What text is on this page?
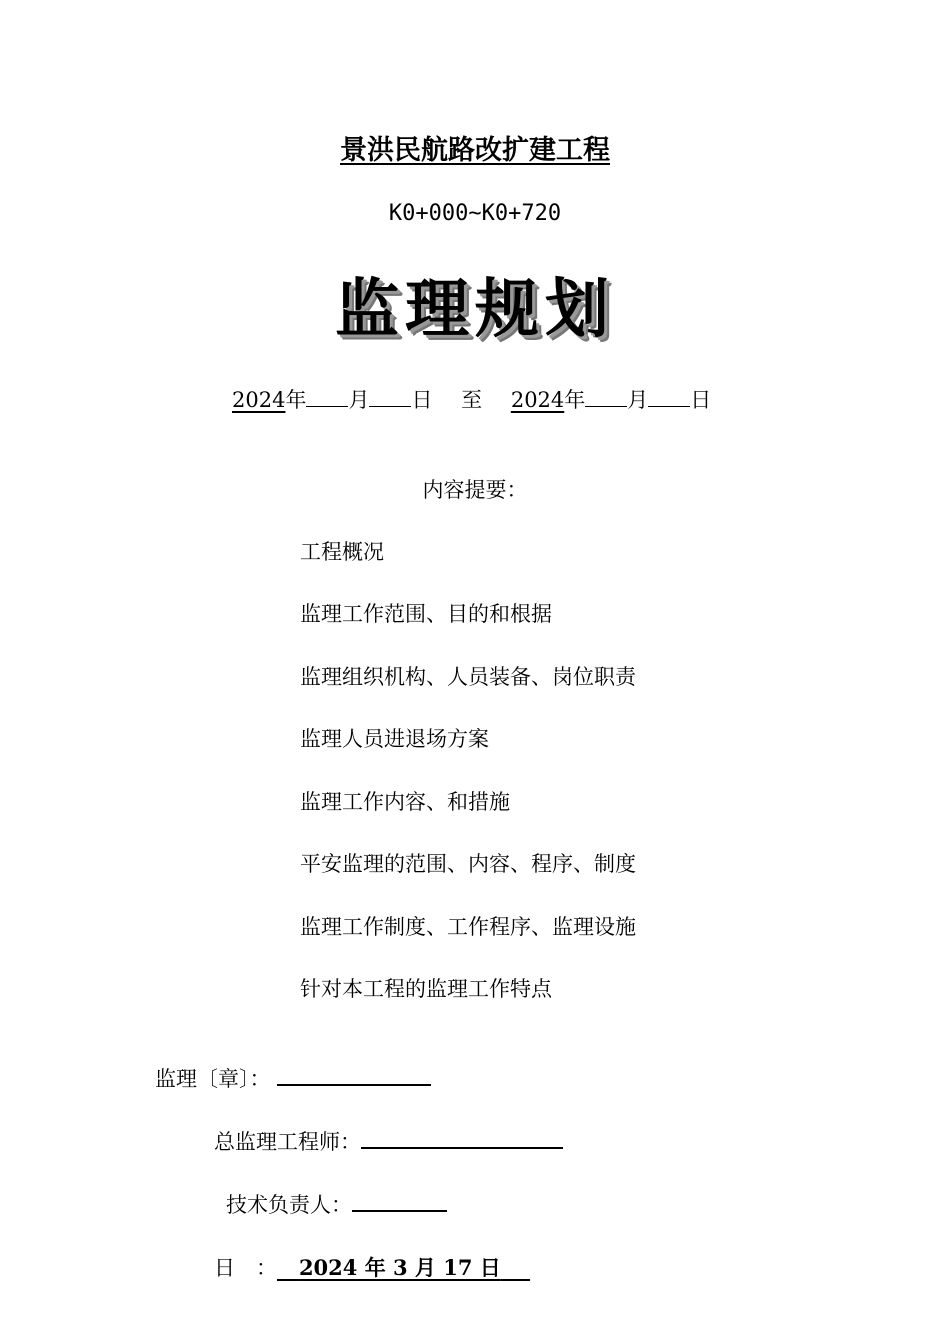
景洪民航路改扩建工程
K0+000~K0+720
监理规划
2024年 月 日 至 2024年 月 日
内容提要：
工程概况
监理工作范围、目的和根据
监理组织机构、人员装备、岗位职责
监理人员进退场方案
监理工作内容、和措施
平安监理的范围、内容、程序、制度
监理工作制度、工作程序、监理设施
针对本工程的监理工作特点
监理〔章〕：
总监理工程师：
技术负责人：
日　： 2024 年 3 月 17 日
